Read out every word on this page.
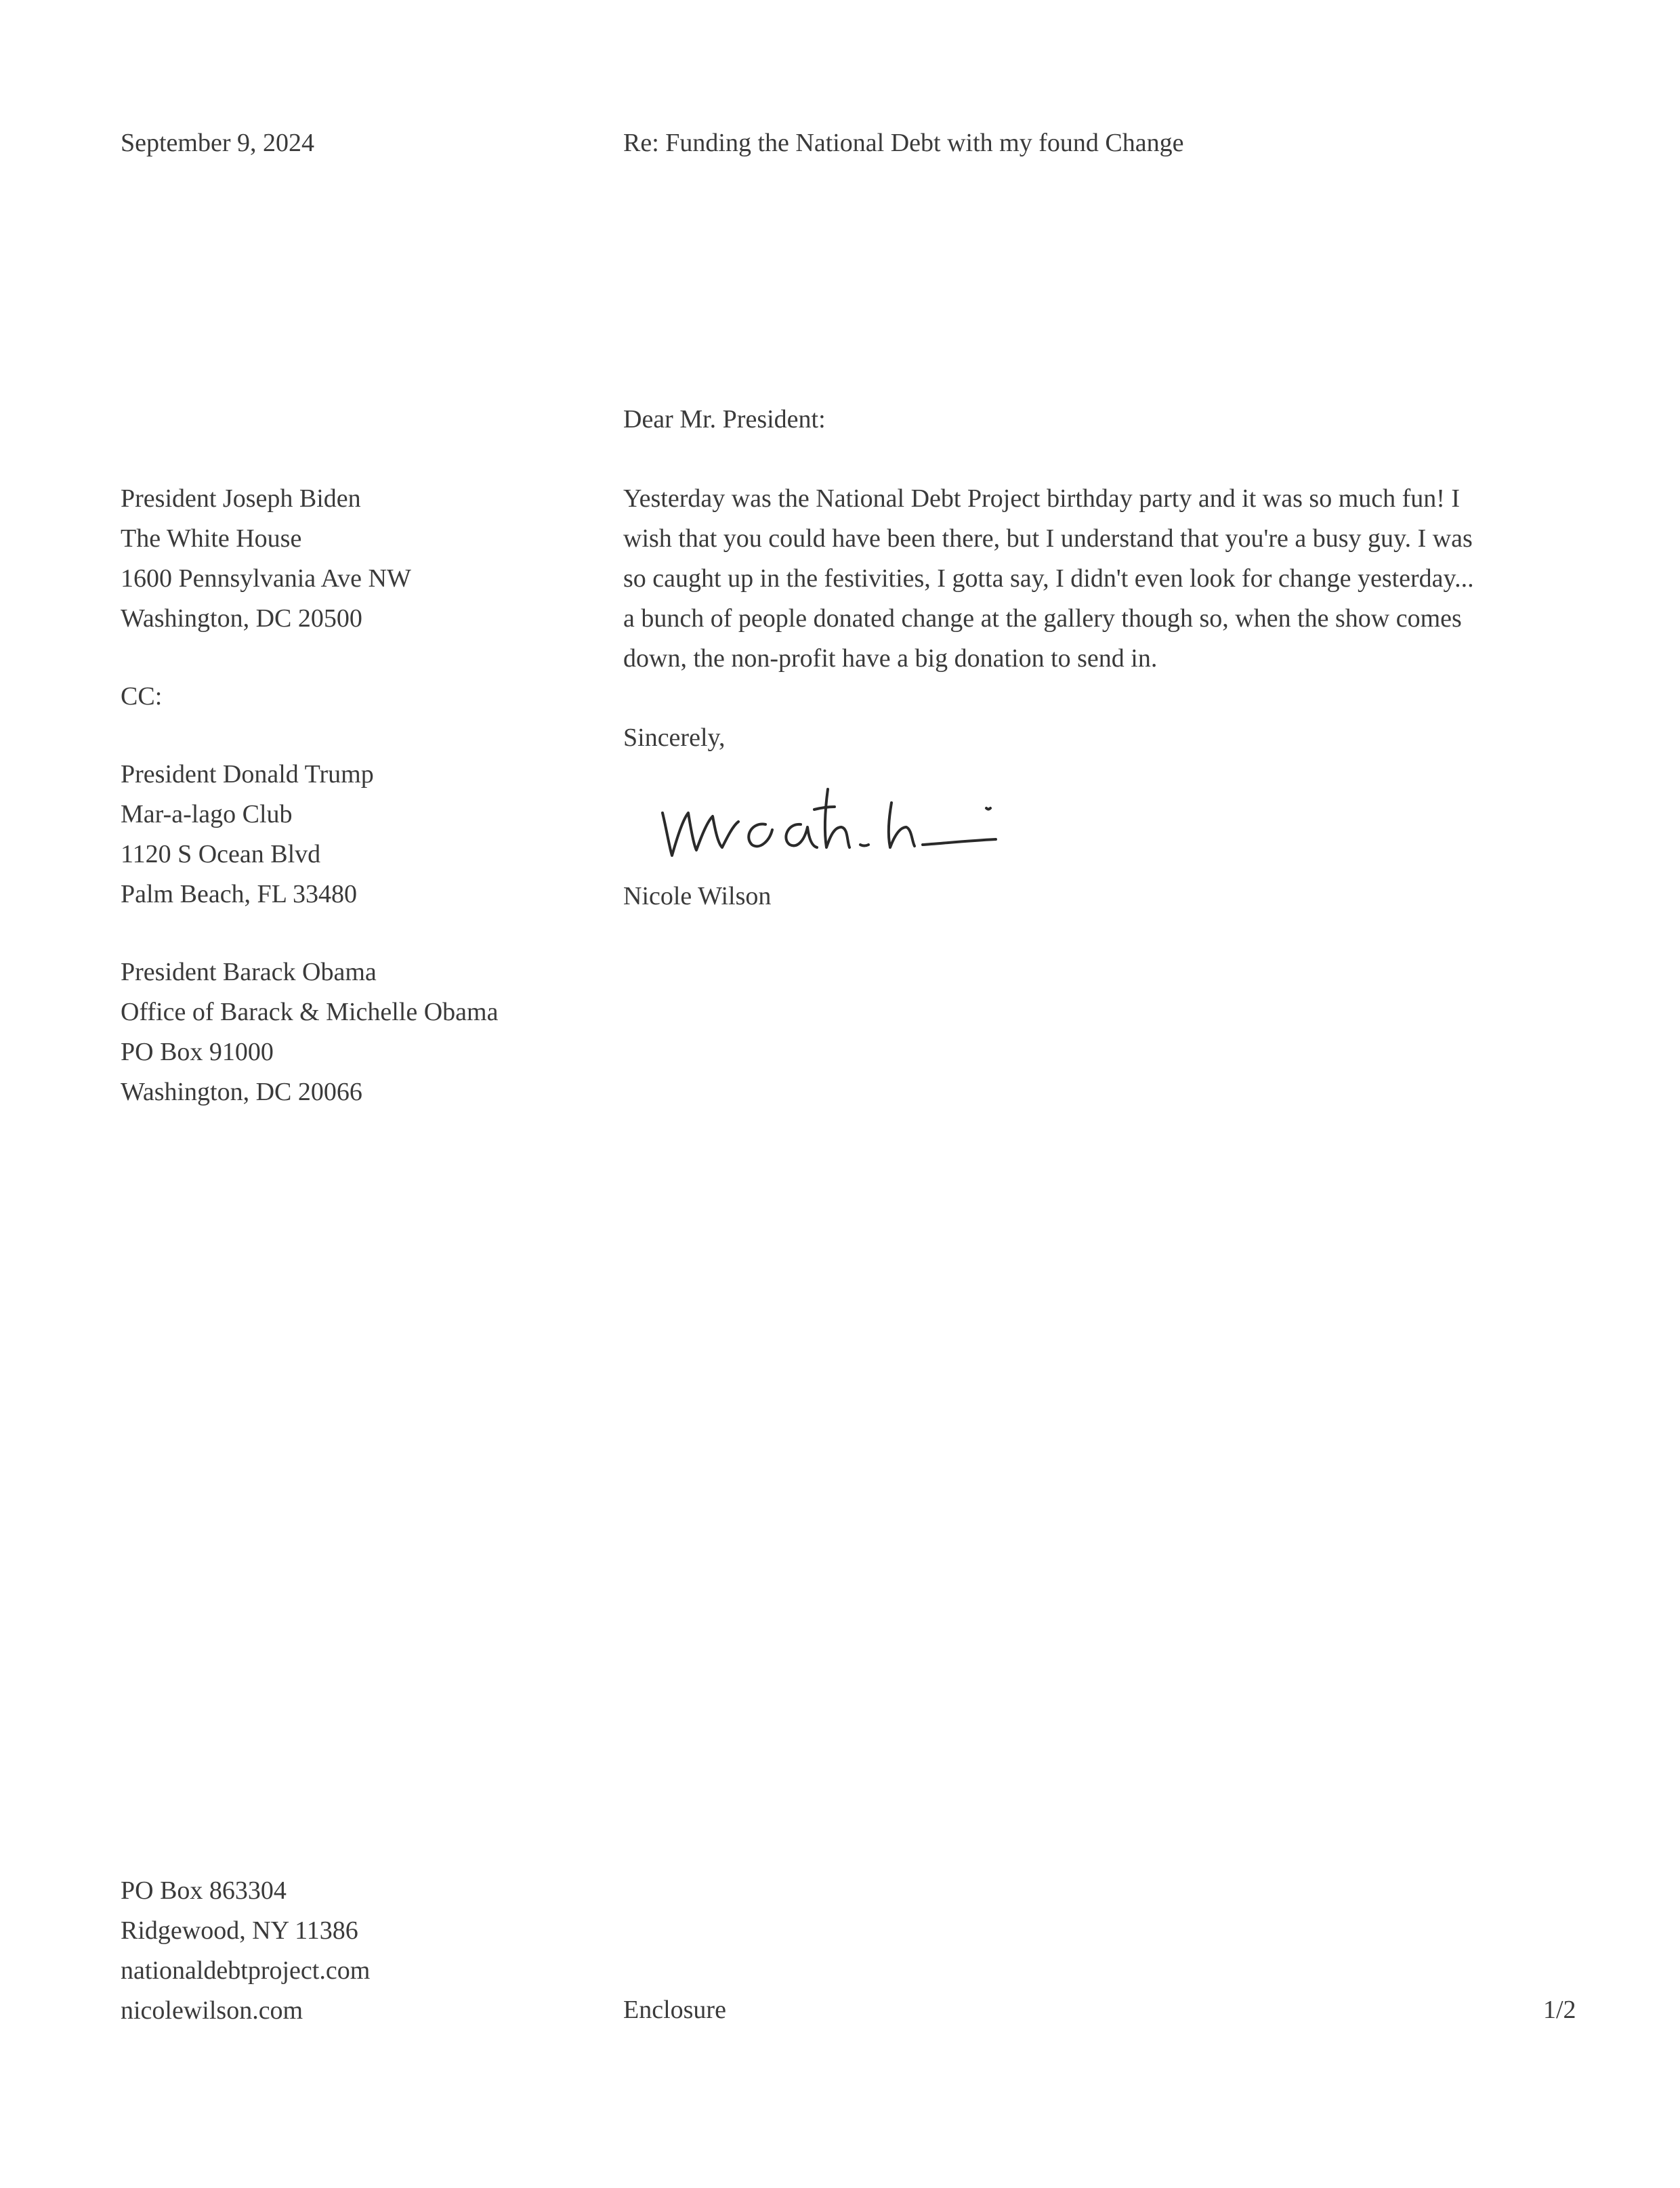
September 9, 2024	Re: Funding the National Debt with my found Change
Dear Mr. President:
President Joseph Biden
The White House
1600 Pennsylvania Ave NW
Washington, DC 20500
CC:
President Donald Trump
Mar-a-lago Club
1120 S Ocean Blvd
Palm Beach, FL 33480
President Barack Obama
Office of Barack & Michelle Obama
PO Box 91000
Washington, DC 20066
Yesterday was the National Debt Project birthday party and it was so much fun! I
wish that you could have been there, but I understand that you're a busy guy. I was
so caught up in the festivities, I gotta say, I didn't even look for change yesterday...
a bunch of people donated change at the gallery though so, when the show comes
down, the non-profit have a big donation to send in.
Sincerely,
Nicole Wilson
PO Box 863304
Ridgewood, NY 11386
nationaldebtproject.com
nicolewilson.com	Enclosure	1/2
